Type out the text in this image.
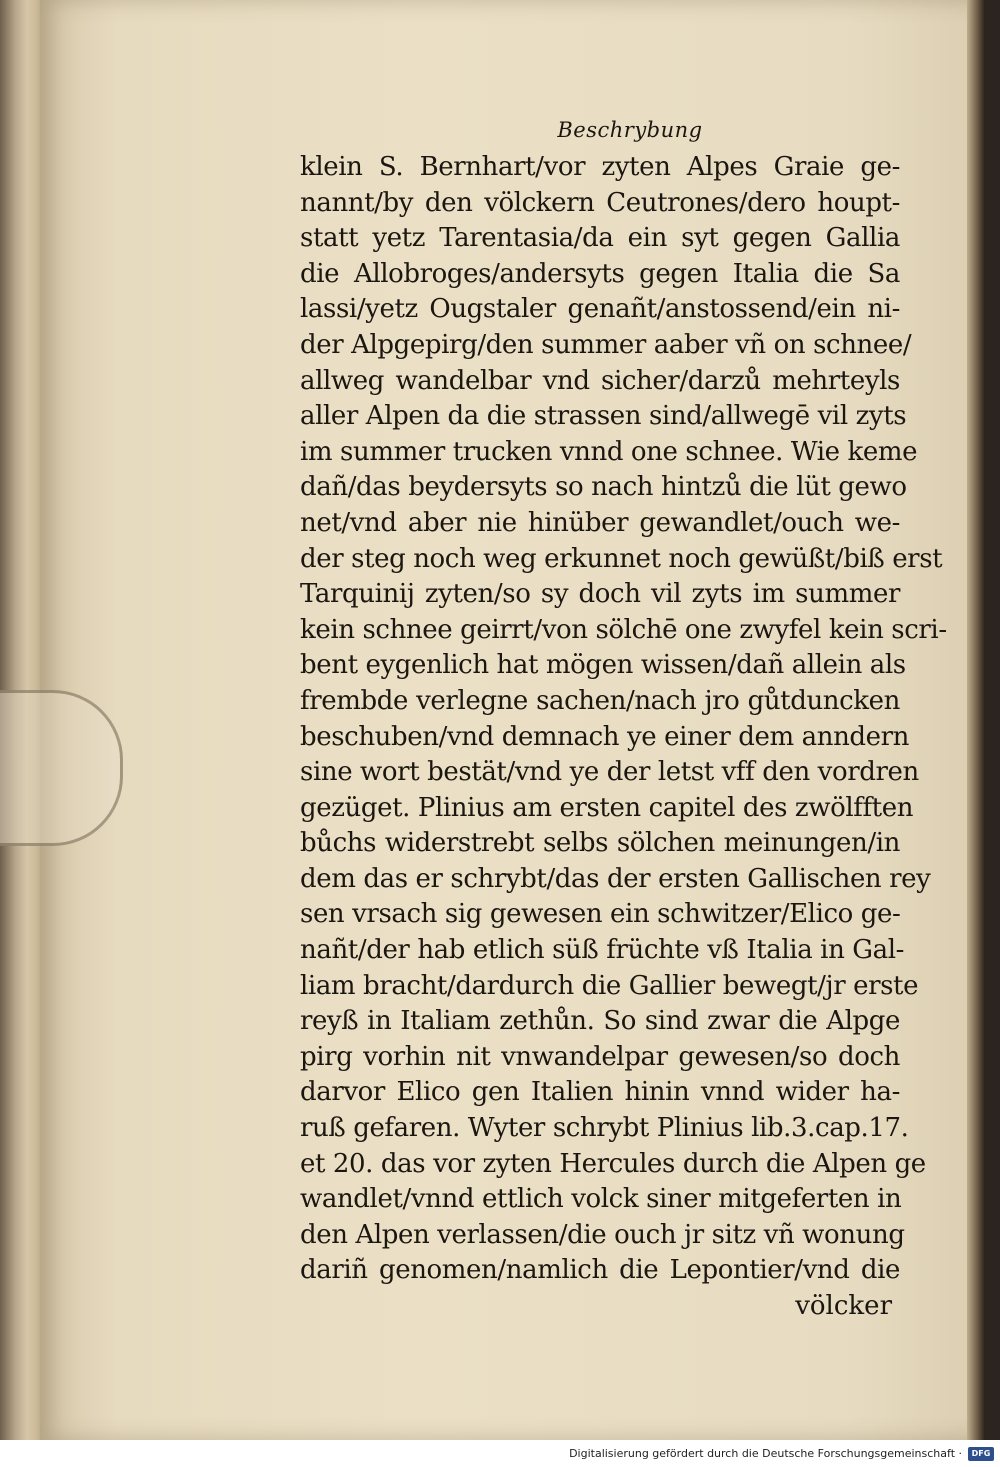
Beschrybung
klein S. Bernhart/vor zyten Alpes Graie ge-
nannt/by den völckern Ceutrones/dero houpt-
statt yetz Tarentasia/da ein syt gegen Gallia
die Allobroges/andersyts gegen Italia die Sa
lassi/yetz Ougstaler genañt/anstossend/ein ni-
der Alpgepirg/den summer aaber vñ on schnee/
allweg wandelbar vnd sicher/darzů mehrteyls
aller Alpen da die strassen sind/allwegē vil zyts
im summer trucken vnnd one schnee. Wie keme
dañ/das beydersyts so nach hintzů die lüt gewo
net/vnd aber nie hinüber gewandlet/ouch we-
der steg noch weg erkunnet noch gewüßt/biß erst
Tarquinij zyten/so sy doch vil zyts im summer
kein schnee geirrt/von sölchē one zwyfel kein scri-
bent eygenlich hat mögen wissen/dañ allein als
frembde verlegne sachen/nach jro gůtduncken
beschuben/vnd demnach ye einer dem anndern
sine wort bestät/vnd ye der letst vff den vordren
gezüget. Plinius am ersten capitel des zwölfften
bůchs widerstrebt selbs sölchen meinungen/in
dem das er schrybt/das der ersten Gallischen rey
sen vrsach sig gewesen ein schwitzer/Elico ge-
nañt/der hab etlich süß früchte vß Italia in Gal-
liam bracht/dardurch die Gallier bewegt/jr erste
reyß in Italiam zethůn. So sind zwar die Alpge
pirg vorhin nit vnwandelpar gewesen/so doch
darvor Elico gen Italien hinin vnnd wider ha-
ruß gefaren. Wyter schrybt Plinius lib.3.cap.17.
et 20. das vor zyten Hercules durch die Alpen ge
wandlet/vnnd ettlich volck siner mitgeferten in
den Alpen verlassen/die ouch jr sitz vñ wonung
dariñ genomen/namlich die Lepontier/vnd die
völcker
Digitalisierung gefördert durch die Deutsche Forschungsgemeinschaft ·	DFG
